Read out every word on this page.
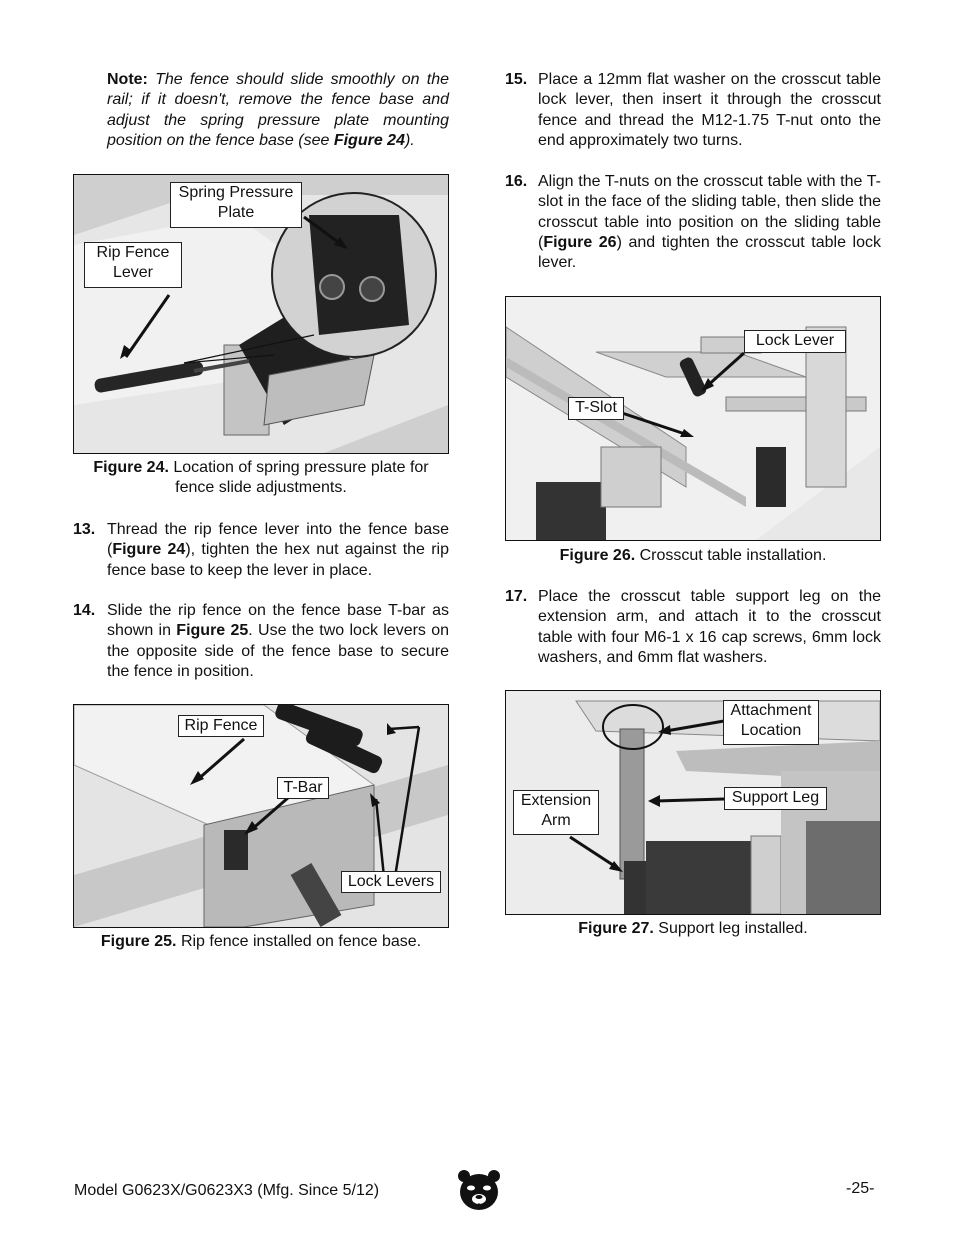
Note: The fence should slide smoothly on the rail; if it doesn't, remove the fence base and adjust the spring pressure plate mounting position on the fence base (see Figure 24).
Spring Pressure
Plate
Rip Fence
Lever
Figure 24. Location of spring pressure plate for
fence slide adjustments.
13. Thread the rip fence lever into the fence base (Figure 24), tighten the hex nut against the rip fence base to keep the lever in place.
14. Slide the rip fence on the fence base T-bar as shown in Figure 25. Use the two lock levers on the opposite side of the fence base to secure the fence in position.
Rip Fence
T-Bar
Lock Levers
Figure 25. Rip fence installed on fence base.
15. Place a 12mm flat washer on the crosscut table lock lever, then insert it through the crosscut fence and thread the M12-1.75 T-nut onto the end approximately two turns.
16. Align the T-nuts on the crosscut table with the T-slot in the face of the sliding table, then slide the crosscut table into position on the sliding table (Figure 26) and tighten the crosscut table lock lever.
Lock Lever
T-Slot
Figure 26. Crosscut table installation.
17. Place the crosscut table support leg on the extension arm, and attach it to the crosscut table with four M6-1 x 16 cap screws, 6mm lock washers, and 6mm flat washers.
Attachment
Location
Extension
Arm
Support Leg
Figure 27. Support leg installed.
Model G0623X/G0623X3 (Mfg. Since 5/12)	-25-
